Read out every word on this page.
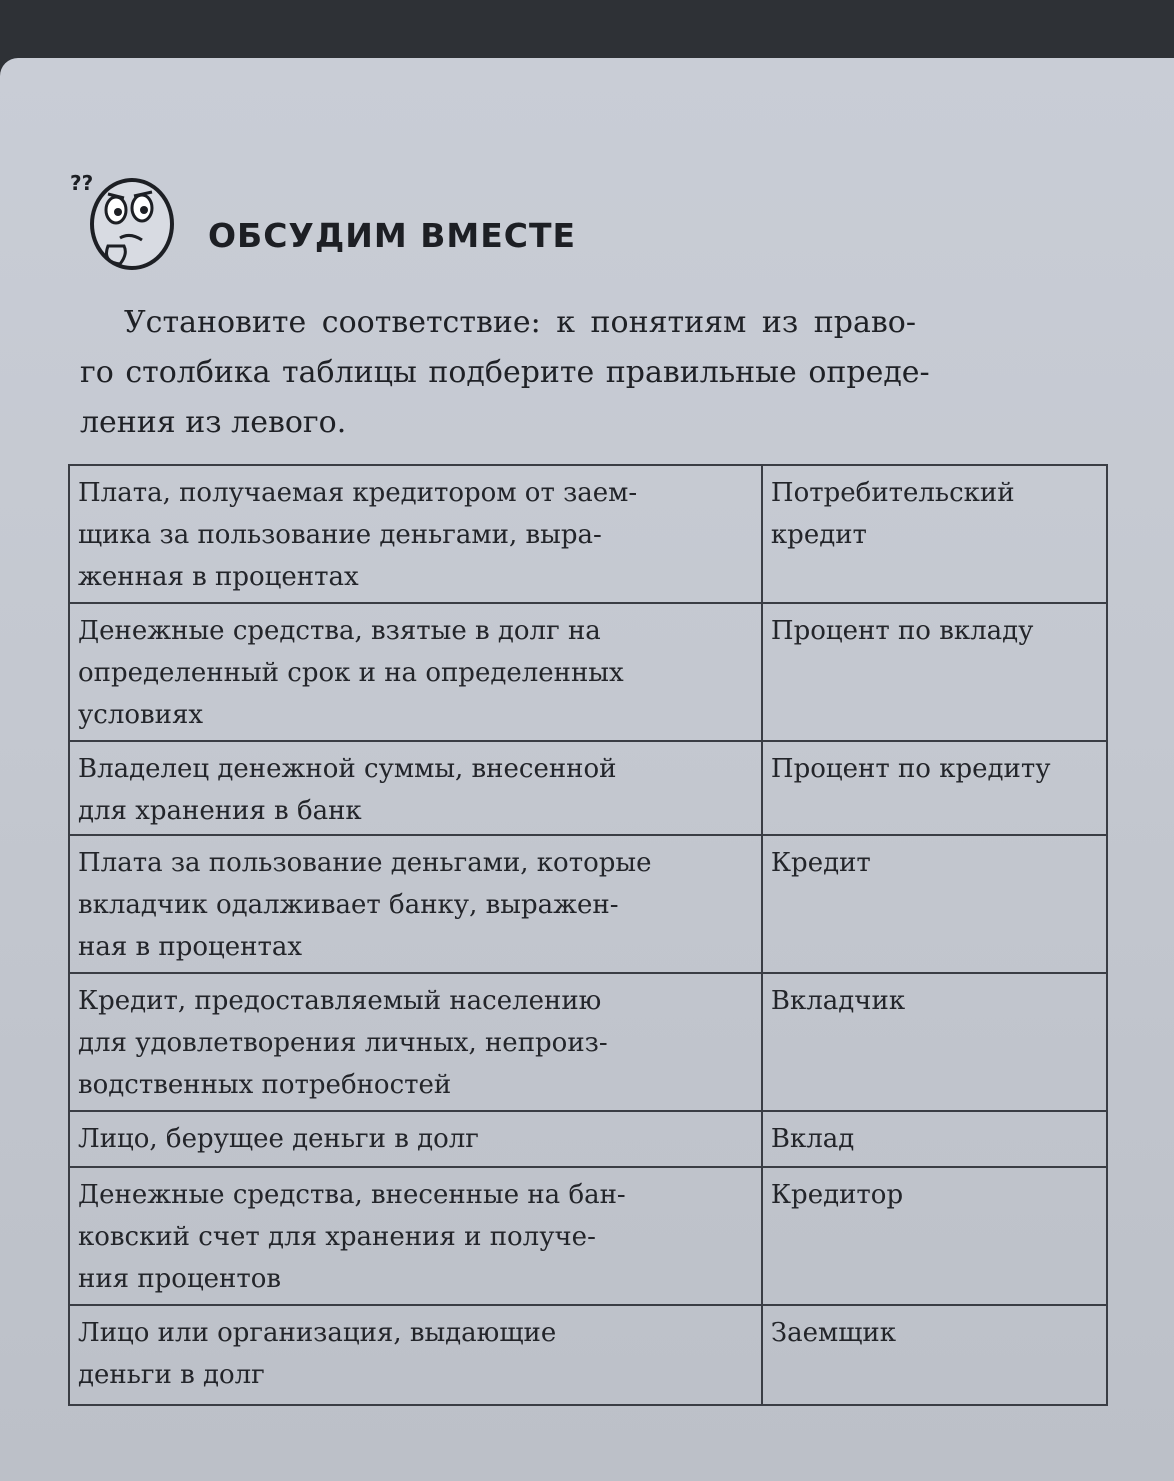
??
ОБСУДИМ ВМЕСТЕ
Установите соответствие: к понятиям из право-
го столбика таблицы подберите правильные опреде-
ления из левого.
Плата, получаемая кредитором от заем-
щика за пользование деньгами, выра-
женная в процентах	Потребительский
кредит
Денежные средства, взятые в долг на
определенный срок и на определенных
условиях	Процент по вкладу
Владелец денежной суммы, внесенной
для хранения в банк	Процент по кредиту
Плата за пользование деньгами, которые
вкладчик одалживает банку, выражен-
ная в процентах	Кредит
Кредит, предоставляемый населению
для удовлетворения личных, непроиз-
водственных потребностей	Вкладчик
Лицо, берущее деньги в долг	Вклад
Денежные средства, внесенные на бан-
ковский счет для хранения и получе-
ния процентов	Кредитор
Лицо или организация, выдающие
деньги в долг	Заемщик
